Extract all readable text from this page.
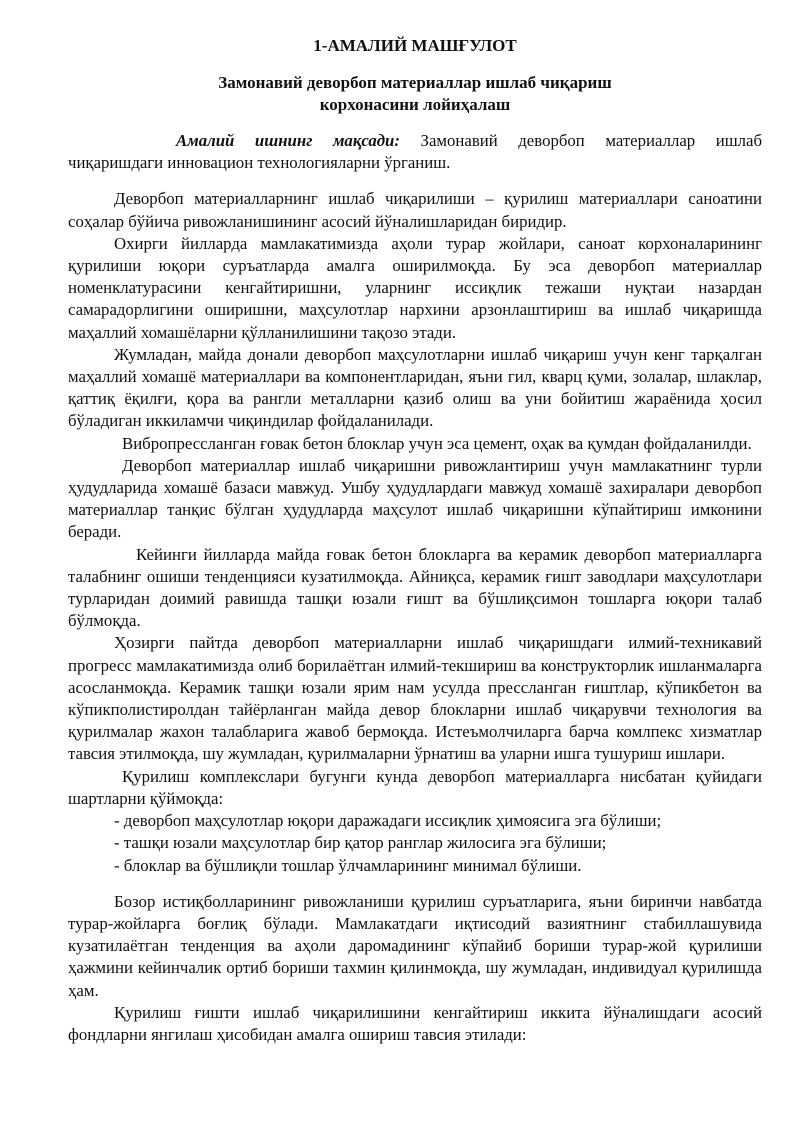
1-АМАЛИЙ МАШҒУЛОТ
Замонавий деворбоп материаллар ишлаб чиқариш
корхонасини лойиҳалаш

Амалий ишнинг мақсади: Замонавий деворбоп материаллар ишлаб чиқаришдаги инновацион технологияларни ўрганиш.

Деворбоп материалларнинг ишлаб чиқарилиши – қурилиш материаллари саноатини соҳалар бўйича ривожланишининг асосий йўналишларидан биридир.

Охирги йилларда мамлакатимизда аҳоли турар жойлари, саноат корхоналарининг қурилиши юқори суръатларда амалга оширилмоқда. Бу эса деворбоп материаллар номенклатурасини кенгайтиришни, уларнинг иссиқлик тежаши нуқтаи назардан самарадорлигини оширишни, маҳсулотлар нархини арзонлаштириш ва ишлаб чиқаришда маҳаллий хомашёларни қўлланилишини тақозо этади.

Жумладан, майда донали деворбоп маҳсулотларни ишлаб чиқариш учун кенг тарқалган маҳаллий хомашё материаллари ва компонентларидан, яъни гил, кварц қуми, золалар, шлаклар, қаттиқ ёқилғи, қора ва рангли металларни қазиб олиш ва уни бойитиш жараёнида ҳосил бўладиган иккиламчи чиқиндилар фойдаланилади.

Вибропрессланган ғовак бетон блоклар учун эса цемент, оҳак ва қумдан фойдаланилди.

Деворбоп материаллар ишлаб чиқаришни ривожлантириш учун мамлакатнинг турли ҳудудларида хомашё базаси мавжуд. Ушбу ҳудудлардаги мавжуд хомашё захиралари деворбоп материаллар танқис бўлган ҳудудларда маҳсулот ишлаб чиқаришни кўпайтириш имконини беради.

Кейинги йилларда майда ғовак бетон блокларга ва керамик деворбоп материалларга талабнинг ошиши тенденцияси кузатилмоқда. Айниқса, керамик ғишт заводлари маҳсулотлари турларидан доимий равишда ташқи юзали ғишт ва бўшлиқсимон тошларга юқори талаб бўлмоқда.

Ҳозирги пайтда деворбоп материалларни ишлаб чиқаришдаги илмий-техникавий прогресс мамлакатимизда олиб борилаётган илмий-текшириш ва конструкторлик ишланмаларга асосланмоқда. Керамик ташқи юзали ярим нам усулда прессланган ғиштлар, кўпикбетон ва кўпикполистиролдан тайёрланган майда девор блокларни ишлаб чиқарувчи технология ва қурилмалар жахон талабларига жавоб бермоқда. Истеъмолчиларга барча комлпекс хизматлар тавсия этилмоқда, шу жумладан, қурилмаларни ўрнатиш ва уларни ишга тушуриш ишлари.

Қурилиш комплекслари бугунги кунда деворбоп материалларга нисбатан қуйидаги шартларни қўймоқда:

- деворбоп маҳсулотлар юқори даражадаги иссиқлик ҳимоясига эга бўлиши;

- ташқи юзали маҳсулотлар бир қатор ранглар жилосига эга бўлиши;

- блоклар ва бўшлиқли тошлар ўлчамларининг минимал бўлиши.

Бозор истиқболларининг ривожланиши қурилиш суръатларига, яъни биринчи навбатда турар-жойларга боғлиқ бўлади. Мамлакатдаги иқтисодий вазиятнинг стабиллашувида кузатилаётган тенденция ва аҳоли даромадининг кўпайиб бориши турар-жой қурилиши ҳажмини кейинчалик ортиб бориши тахмин қилинмоқда, шу жумладан, индивидуал қурилишда ҳам.

Қурилиш ғишти ишлаб чиқарилишини кенгайтириш иккита йўналишдаги асосий фондларни янгилаш ҳисобидан амалга ошириш тавсия этилади:
